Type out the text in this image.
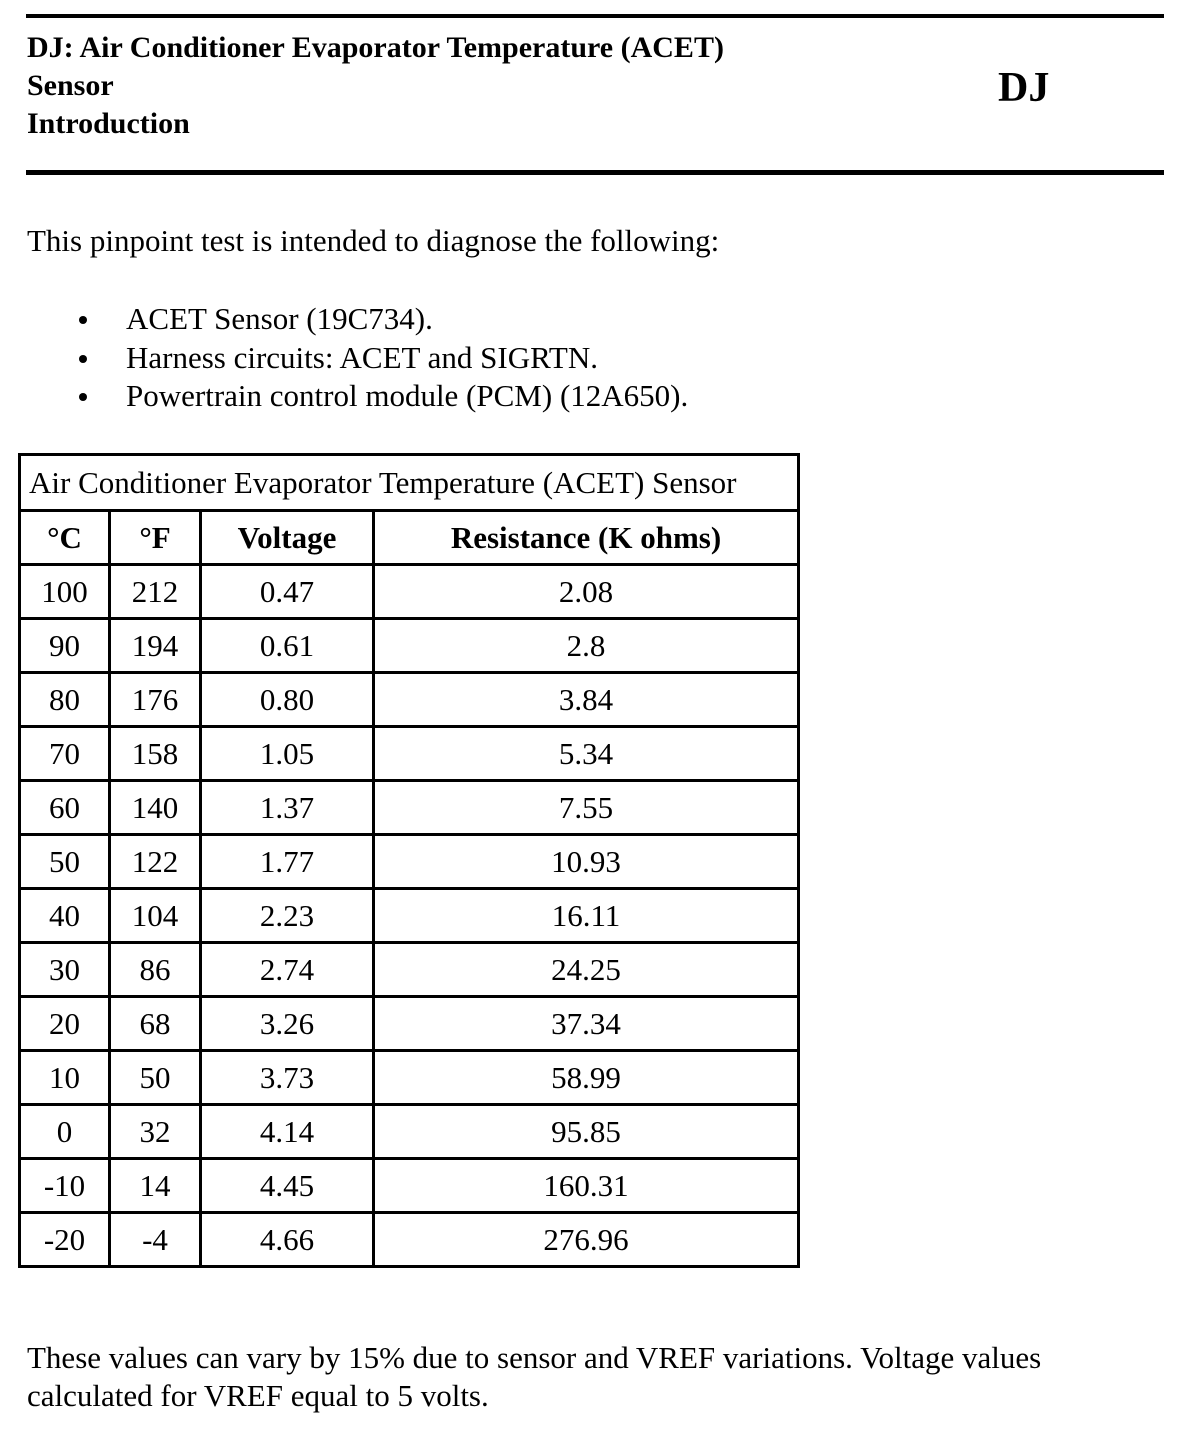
DJ: Air Conditioner Evaporator Temperature (ACET)
Sensor
Introduction
DJ
This pinpoint test is intended to diagnose the following:
ACET Sensor (19C734).
Harness circuits: ACET and SIGRTN.
Powertrain control module (PCM) (12A650).
Air Conditioner Evaporator Temperature (ACET) Sensor			
°C	°F	Voltage	Resistance (K ohms)
100	212	0.47	2.08
90	194	0.61	2.8
80	176	0.80	3.84
70	158	1.05	5.34
60	140	1.37	7.55
50	122	1.77	10.93
40	104	2.23	16.11
30	86	2.74	24.25
20	68	3.26	37.34
10	50	3.73	58.99
0	32	4.14	95.85
-10	14	4.45	160.31
-20	-4	4.66	276.96
These values can vary by 15% due to sensor and VREF variations. Voltage values calculated for VREF equal to 5 volts.
